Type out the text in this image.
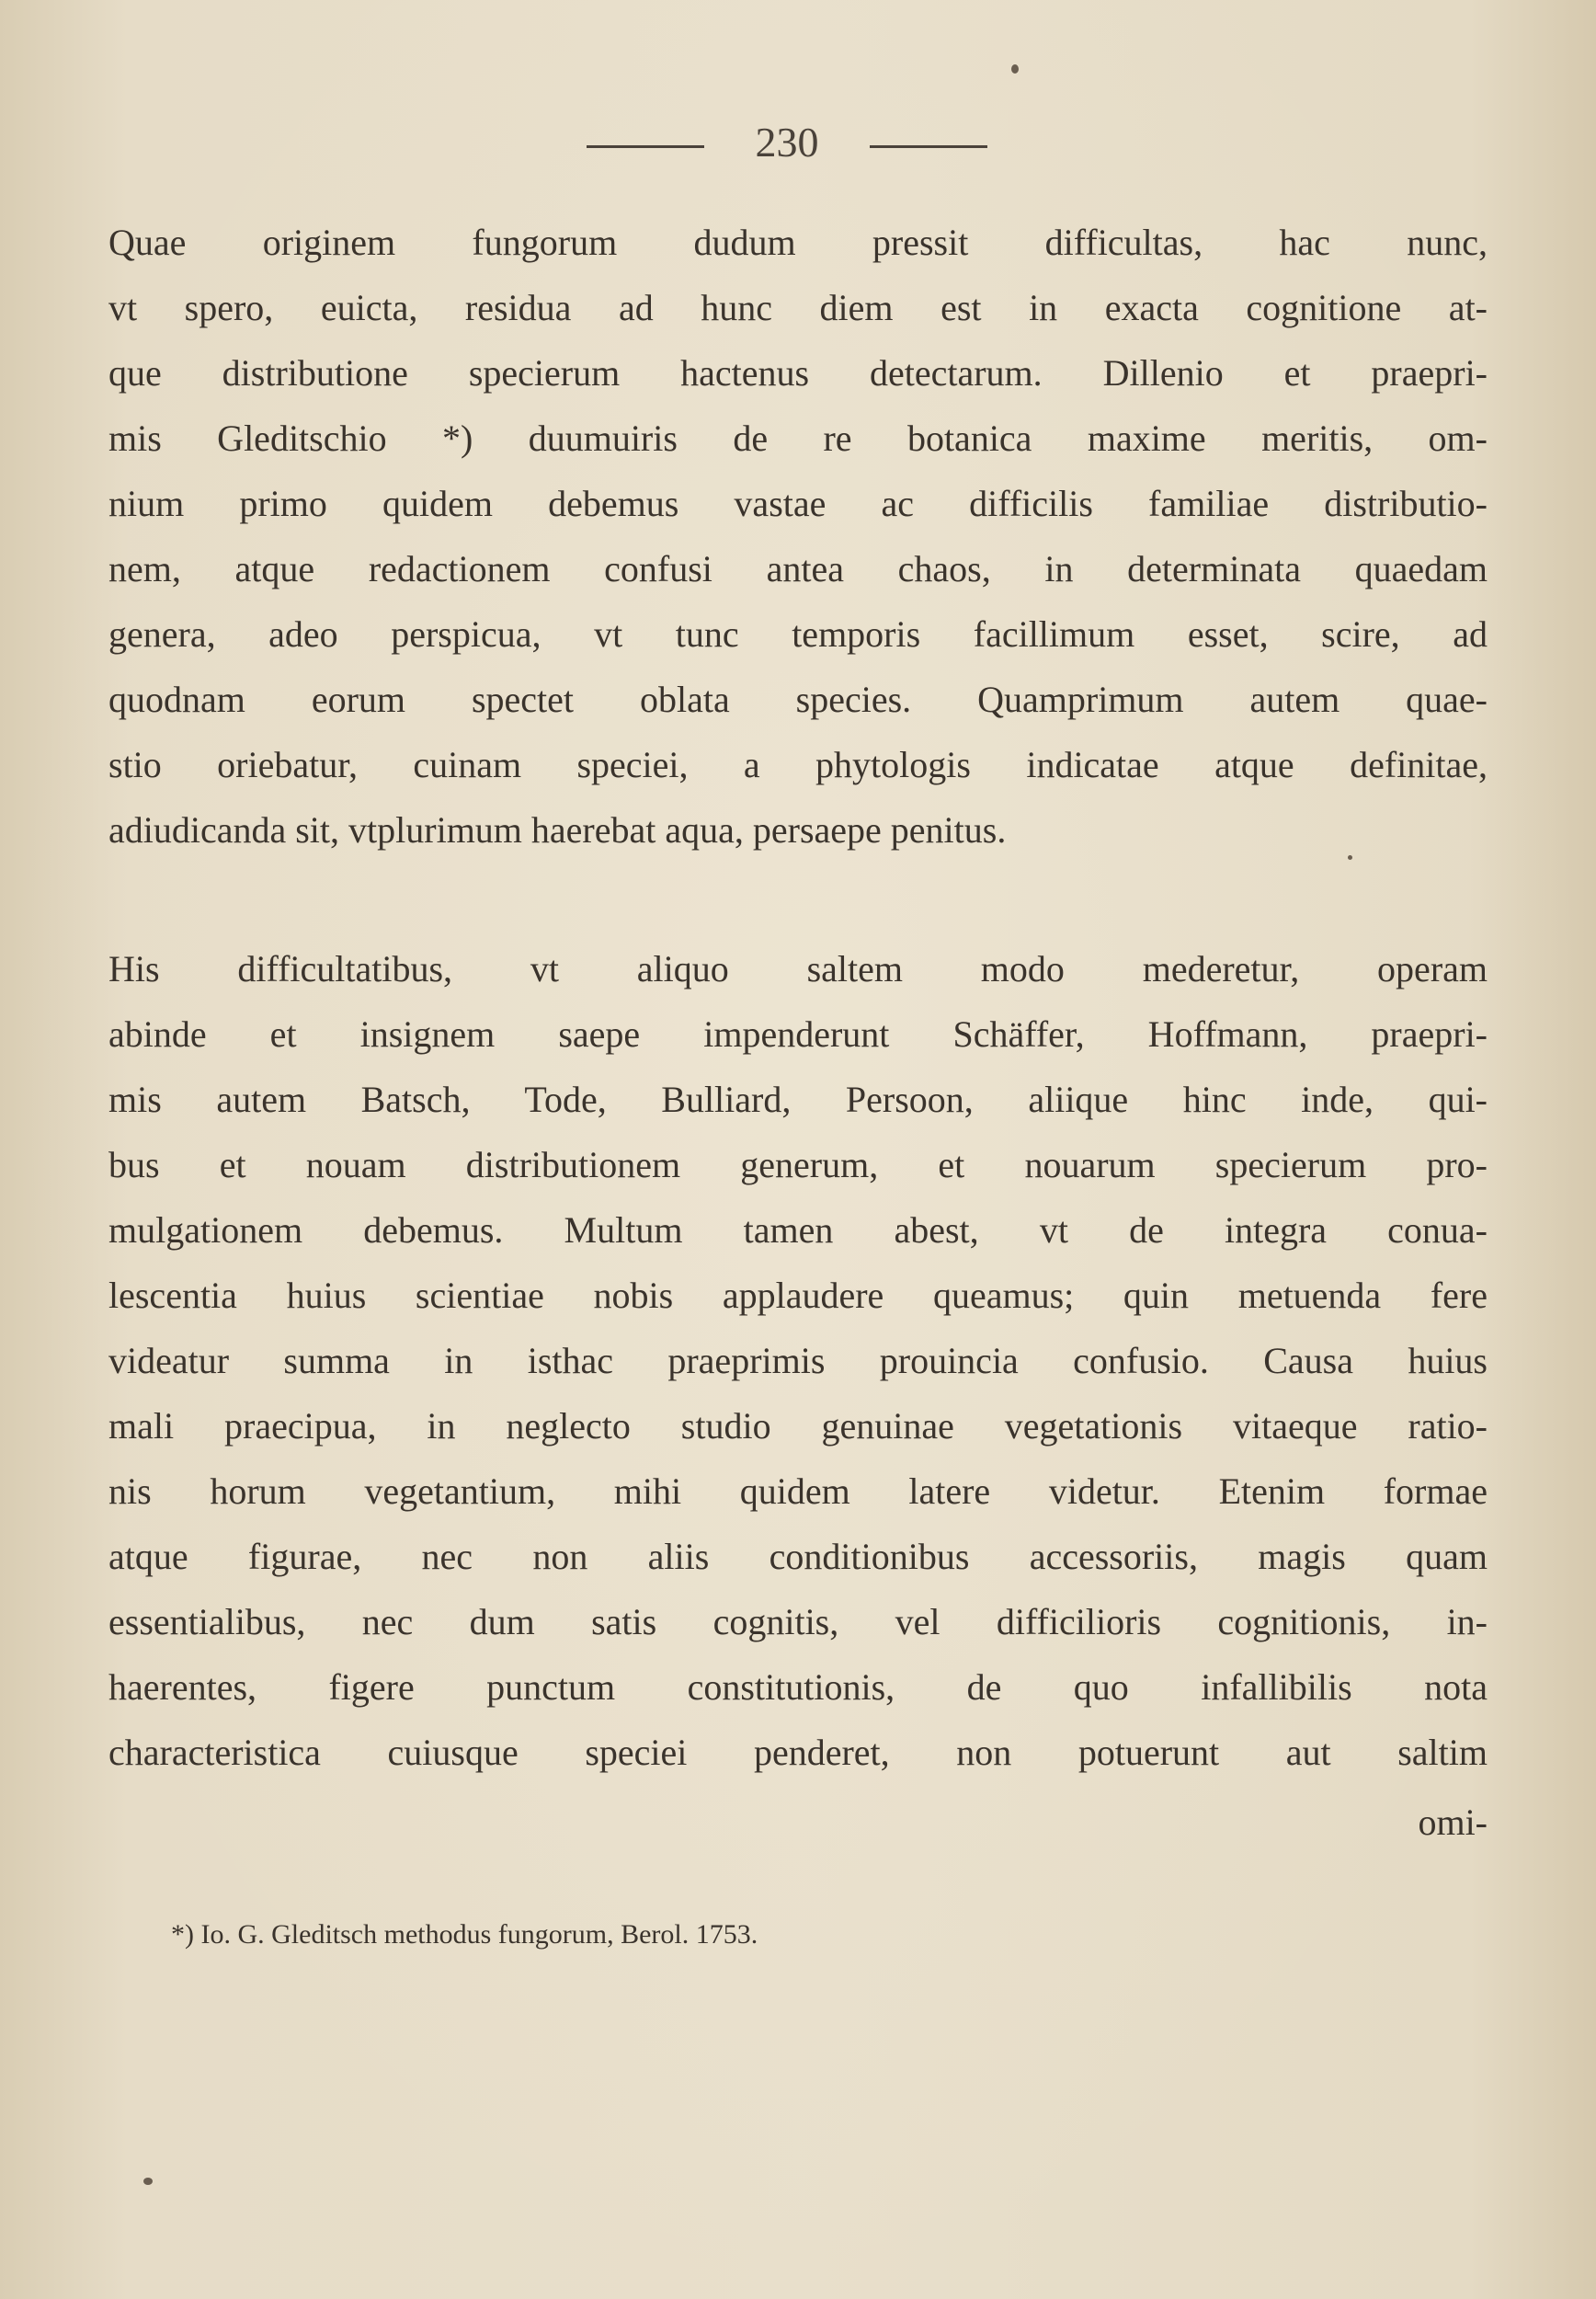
230
Quae originem fungorum dudum pressit difficultas, hac nunc,
vt spero, euicta, residua ad hunc diem est in exacta cognitione at-
que distributione specierum hactenus detectarum. Dillenio et praepri-
mis Gleditschio *) duumuiris de re botanica maxime meritis, om-
nium primo quidem debemus vastae ac difficilis familiae distributio-
nem, atque redactionem confusi antea chaos, in determinata quaedam
genera, adeo perspicua, vt tunc temporis facillimum esset, scire, ad
quodnam eorum spectet oblata species. Quamprimum autem quae-
stio oriebatur, cuinam speciei, a phytologis indicatae atque definitae,
adiudicanda sit, vtplurimum haerebat aqua, persaepe penitus.
His difficultatibus, vt aliquo saltem modo mederetur, operam
abinde et insignem saepe impenderunt Schäffer, Hoffmann, praepri-
mis autem Batsch, Tode, Bulliard, Persoon, aliique hinc inde, qui-
bus et nouam distributionem generum, et nouarum specierum pro-
mulgationem debemus. Multum tamen abest, vt de integra conua-
lescentia huius scientiae nobis applaudere queamus; quin metuenda fere
videatur summa in isthac praeprimis prouincia confusio. Causa huius
mali praecipua, in neglecto studio genuinae vegetationis vitaeque ratio-
nis horum vegetantium, mihi quidem latere videtur. Etenim formae
atque figurae, nec non aliis conditionibus accessoriis, magis quam
essentialibus, nec dum satis cognitis, vel difficilioris cognitionis, in-
haerentes, figere punctum constitutionis, de quo infallibilis nota
characteristica cuiusque speciei penderet, non potuerunt aut saltim
omi-
*) Io. G. Gleditsch methodus fungorum, Berol. 1753.
